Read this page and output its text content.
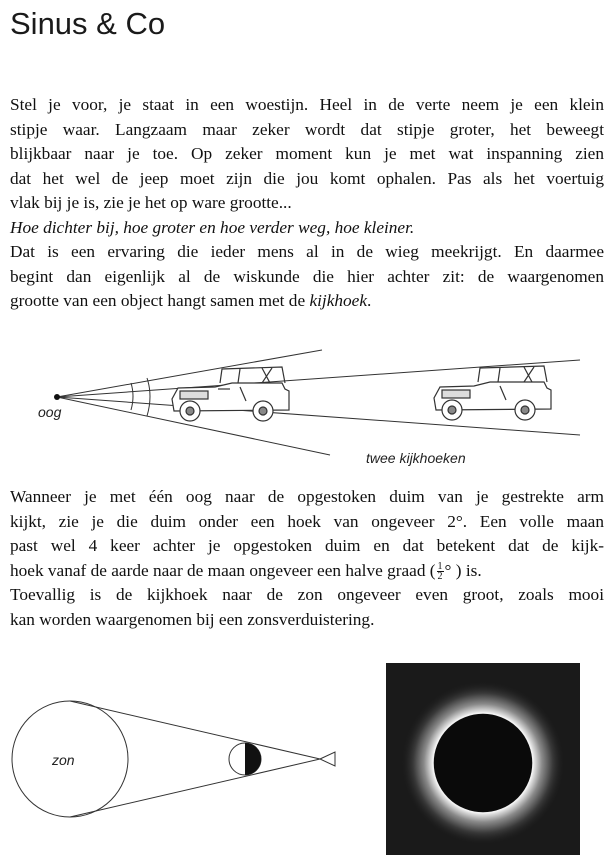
Sinus & Co
Stel je voor, je staat in een woestijn. Heel in de verte neem je een klein
stipje waar. Langzaam maar zeker wordt dat stipje groter, het beweegt
blijkbaar naar je toe. Op zeker moment kun je met wat inspanning zien
dat het wel de jeep moet zijn die jou komt ophalen. Pas als het voertuig
vlak bij je is, zie je het op ware grootte...
Hoe dichter bij, hoe groter en hoe verder weg, hoe kleiner.
Dat is een ervaring die ieder mens al in de wieg meekrijgt. En daarmee
begint dan eigenlijk al de wiskunde die hier achter zit: de waargenomen
grootte van een object hangt samen met de kijkhoek.
oog
twee kijkhoeken
Wanneer je met één oog naar de opgestoken duim van je gestrekte arm
kijkt, zie je die duim onder een hoek van ongeveer 2°. Een volle maan
past wel 4 keer achter je opgestoken duim en dat betekent dat de kijk-
hoek vanaf de aarde naar de maan ongeveer een halve graad ( $\frac{1}{2}$ ° ) is.
Toevallig is de kijkhoek naar de zon ongeveer even groot, zoals mooi
kan worden waargenomen bij een zonsverduistering.
zon
